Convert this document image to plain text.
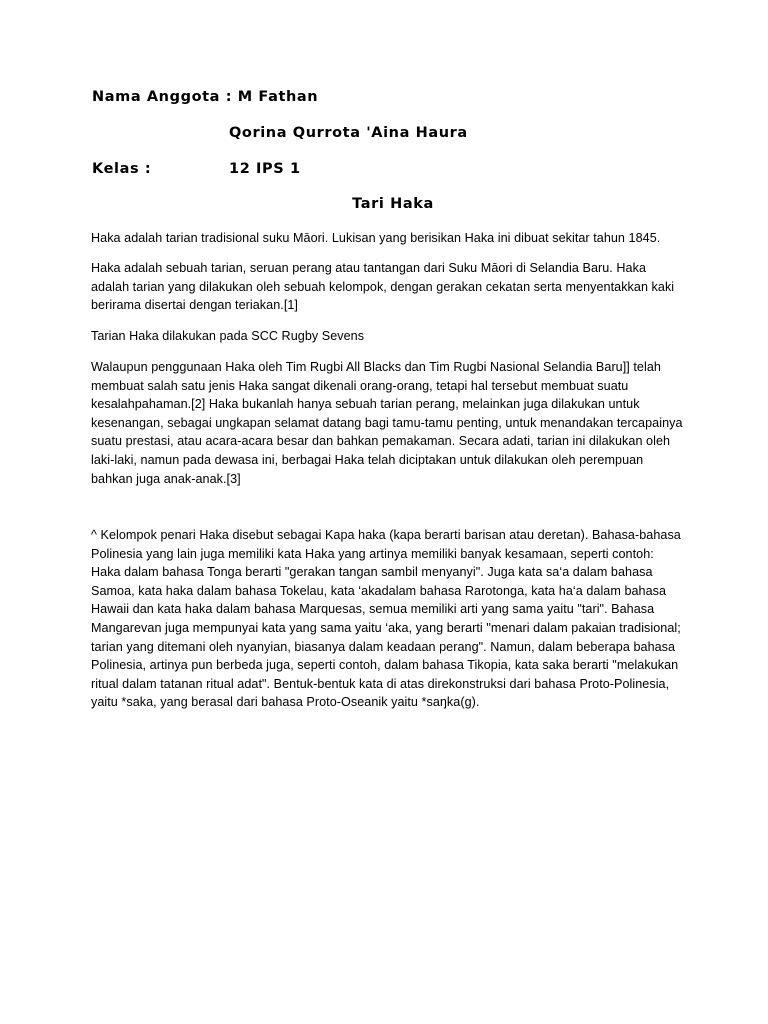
Nama Anggota : M Fathan
Qorina Qurrota 'Aina Haura
Kelas :	12 IPS 1
Tari Haka
Haka adalah tarian tradisional suku Māori. Lukisan yang berisikan Haka ini dibuat sekitar tahun 1845.
Haka adalah sebuah tarian, seruan perang atau tantangan dari Suku Māori di Selandia Baru. Haka adalah tarian yang dilakukan oleh sebuah kelompok, dengan gerakan cekatan serta menyentakkan kaki berirama disertai dengan teriakan.[1]
Tarian Haka dilakukan pada SCC Rugby Sevens
Walaupun penggunaan Haka oleh Tim Rugbi All Blacks dan Tim Rugbi Nasional Selandia Baru]] telah membuat salah satu jenis Haka sangat dikenali orang-orang, tetapi hal tersebut membuat suatu kesalahpahaman.[2] Haka bukanlah hanya sebuah tarian perang, melainkan juga dilakukan untuk kesenangan, sebagai ungkapan selamat datang bagi tamu-tamu penting, untuk menandakan tercapainya suatu prestasi, atau acara-acara besar dan bahkan pemakaman. Secara adati, tarian ini dilakukan oleh laki-laki, namun pada dewasa ini, berbagai Haka telah diciptakan untuk dilakukan oleh perempuan bahkan juga anak-anak.[3]
^ Kelompok penari Haka disebut sebagai Kapa haka (kapa berarti barisan atau deretan). Bahasa-bahasa Polinesia yang lain juga memiliki kata Haka yang artinya memiliki banyak kesamaan, seperti contoh: Haka dalam bahasa Tonga berarti "gerakan tangan sambil menyanyi". Juga kata sa‘a dalam bahasa Samoa, kata haka dalam bahasa Tokelau, kata ‘akadalam bahasa Rarotonga, kata ha‘a dalam bahasa Hawaii dan kata haka dalam bahasa Marquesas, semua memiliki arti yang sama yaitu "tari". Bahasa Mangarevan juga mempunyai kata yang sama yaitu ‘aka, yang berarti "menari dalam pakaian tradisional; tarian yang ditemani oleh nyanyian, biasanya dalam keadaan perang". Namun, dalam beberapa bahasa Polinesia, artinya pun berbeda juga, seperti contoh, dalam bahasa Tikopia, kata saka berarti "melakukan ritual dalam tatanan ritual adat". Bentuk-bentuk kata di atas direkonstruksi dari bahasa Proto-Polinesia, yaitu *saka, yang berasal dari bahasa Proto-Oseanik yaitu *saŋka(g).
